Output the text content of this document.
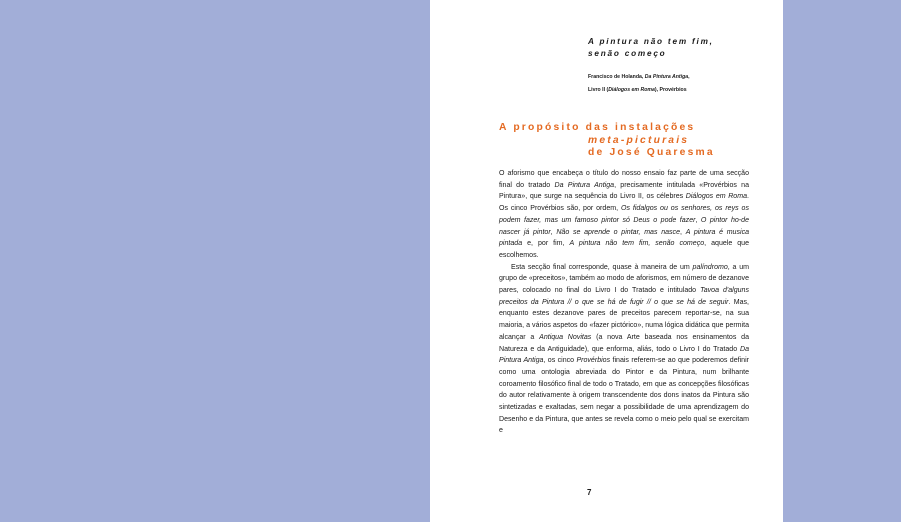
A pintura não tem fim,
senão começo
Francisco de Holanda, Da Pintura Antiga,
Livro II (Diálogos em Roma), Provérbios
A propósito das instalações
meta-picturais
de José Quaresma

O aforismo que encabeça o título do nosso ensaio faz parte de uma secção final do tratado Da Pintura Antiga, precisamente intitulada «Provérbios na Pintura», que surge na sequência do Livro II, os célebres Diálogos em Roma. Os cinco Provérbios são, por ordem, Os fidalgos ou os senhores, os reys os podem fazer, mas um famoso pintor só Deus o pode fazer, O pintor ho-de nascer já pintor, Não se aprende o pintar, mas nasce, A pintura é musica pintada e, por fim, A pintura não tem fim, senão começo, aquele que escolhemos.

Esta secção final corresponde, quase à maneira de um palíndromo, a um grupo de «preceitos», também ao modo de aforismos, em número de dezanove pares, colocado no final do Livro I do Tratado e intitulado Tavoa d'alguns preceitos da Pintura // o que se há de fugir // o que se há de seguir. Mas, enquanto estes dezanove pares de preceitos parecem reportar-se, na sua maioria, a vários aspetos do «fazer pictórico», numa lógica didática que permita alcançar a Antiqua Novitas (a nova Arte baseada nos ensinamentos da Natureza e da Antiguidade), que enforma, aliás, todo o Livro I do Tratado Da Pintura Antiga, os cinco Provérbios finais referem-se ao que poderemos definir como uma ontologia abreviada do Pintor e da Pintura, num brilhante coroamento filosófico final de todo o Tratado, em que as concepções filosóficas do autor relativamente à origem transcendente dos dons inatos da Pintura são sintetizadas e exaltadas, sem negar a possibilidade de uma aprendizagem do Desenho e da Pintura, que antes se revela como o meio pelo qual se exercitam e

7
